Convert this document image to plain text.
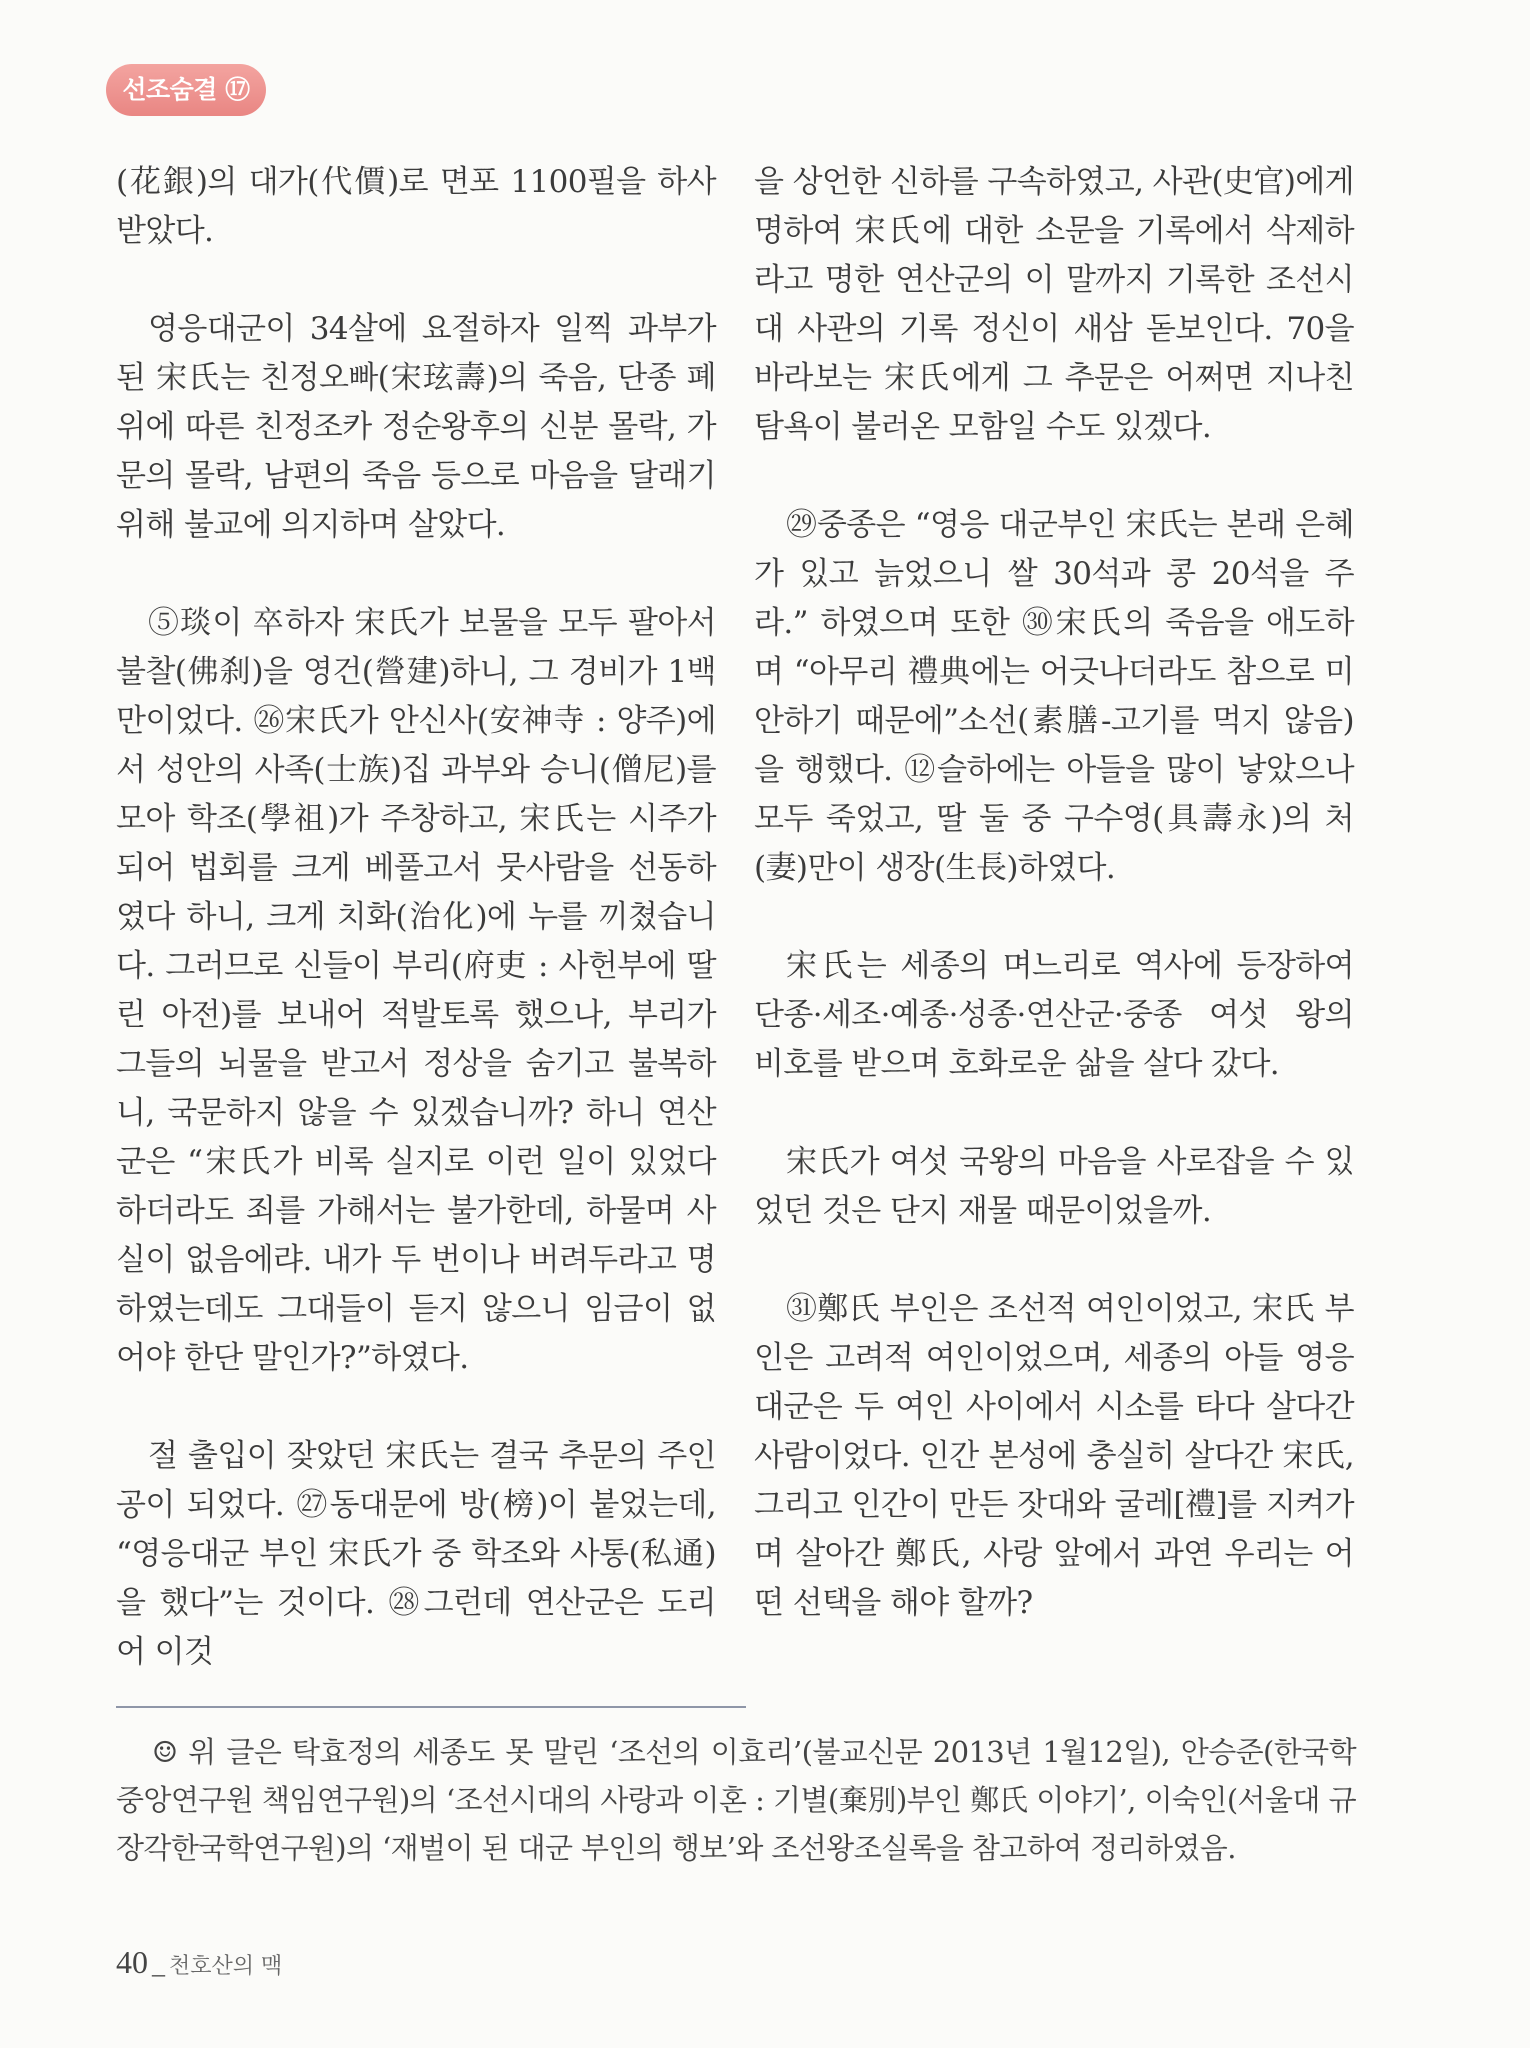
선조숨결 ⑰

(花銀)의 대가(代價)로 면포 1100필을 하사 받았다.

영응대군이 34살에 요절하자 일찍 과부가 된 宋氏는 친정오빠(宋玹壽)의 죽음, 단종 폐위에 따른 친정조카 정순왕후의 신분 몰락, 가문의 몰락, 남편의 죽음 등으로 마음을 달래기 위해 불교에 의지하며 살았다.

⑤琰이 卒하자 宋氏가 보물을 모두 팔아서 불찰(佛刹)을 영건(營建)하니, 그 경비가 1백만이었다. ㉖宋氏가 안신사(安神寺 : 양주)에서 성안의 사족(士族)집 과부와 승니(僧尼)를 모아 학조(學祖)가 주창하고, 宋氏는 시주가 되어 법회를 크게 베풀고서 뭇사람을 선동하였다 하니, 크게 치화(治化)에 누를 끼쳤습니다. 그러므로 신들이 부리(府吏 : 사헌부에 딸린 아전)를 보내어 적발토록 했으나, 부리가 그들의 뇌물을 받고서 정상을 숨기고 불복하니, 국문하지 않을 수 있겠습니까? 하니 연산군은 “宋氏가 비록 실지로 이런 일이 있었다 하더라도 죄를 가해서는 불가한데, 하물며 사실이 없음에랴. 내가 두 번이나 버려두라고 명하였는데도 그대들이 듣지 않으니 임금이 없어야 한단 말인가?”하였다.

절 출입이 잦았던 宋氏는 결국 추문의 주인공이 되었다. ㉗동대문에 방(榜)이 붙었는데, “영응대군 부인 宋氏가 중 학조와 사통(私通)을 했다”는 것이다. ㉘그런데 연산군은 도리어 이것

을 상언한 신하를 구속하였고, 사관(史官)에게 명하여 宋氏에 대한 소문을 기록에서 삭제하라고 명한 연산군의 이 말까지 기록한 조선시대 사관의 기록 정신이 새삼 돋보인다. 70을 바라보는 宋氏에게 그 추문은 어쩌면 지나친 탐욕이 불러온 모함일 수도 있겠다.

㉙중종은 “영응 대군부인 宋氏는 본래 은혜가 있고 늙었으니 쌀 30석과 콩 20석을 주라.” 하였으며 또한 ㉚宋氏의 죽음을 애도하며 “아무리 禮典에는 어긋나더라도 참으로 미안하기 때문에”소선(素膳-고기를 먹지 않음)을 행했다. ⑫슬하에는 아들을 많이 낳았으나 모두 죽었고, 딸 둘 중 구수영(具壽永)의 처(妻)만이 생장(生長)하였다.

宋氏는 세종의 며느리로 역사에 등장하여 단종·세조·예종·성종·연산군·중종 여섯 왕의 비호를 받으며 호화로운 삶을 살다 갔다.

宋氏가 여섯 국왕의 마음을 사로잡을 수 있었던 것은 단지 재물 때문이었을까.

㉛鄭氏 부인은 조선적 여인이었고, 宋氏 부인은 고려적 여인이었으며, 세종의 아들 영응대군은 두 여인 사이에서 시소를 타다 살다간 사람이었다. 인간 본성에 충실히 살다간 宋氏, 그리고 인간이 만든 잣대와 굴레[禮]를 지켜가며 살아간 鄭氏, 사랑 앞에서 과연 우리는 어떤 선택을 해야 할까?

☺ 위 글은 탁효정의 세종도 못 말린 ‘조선의 이효리’(불교신문 2013년 1월12일), 안승준(한국학중앙연구원 책임연구원)의 ‘조선시대의 사랑과 이혼 : 기별(棄別)부인 鄭氏 이야기’, 이숙인(서울대 규장각한국학연구원)의 ‘재벌이 된 대군 부인의 행보’와 조선왕조실록을 참고하여 정리하였음.

40 _ 천호산의 맥
